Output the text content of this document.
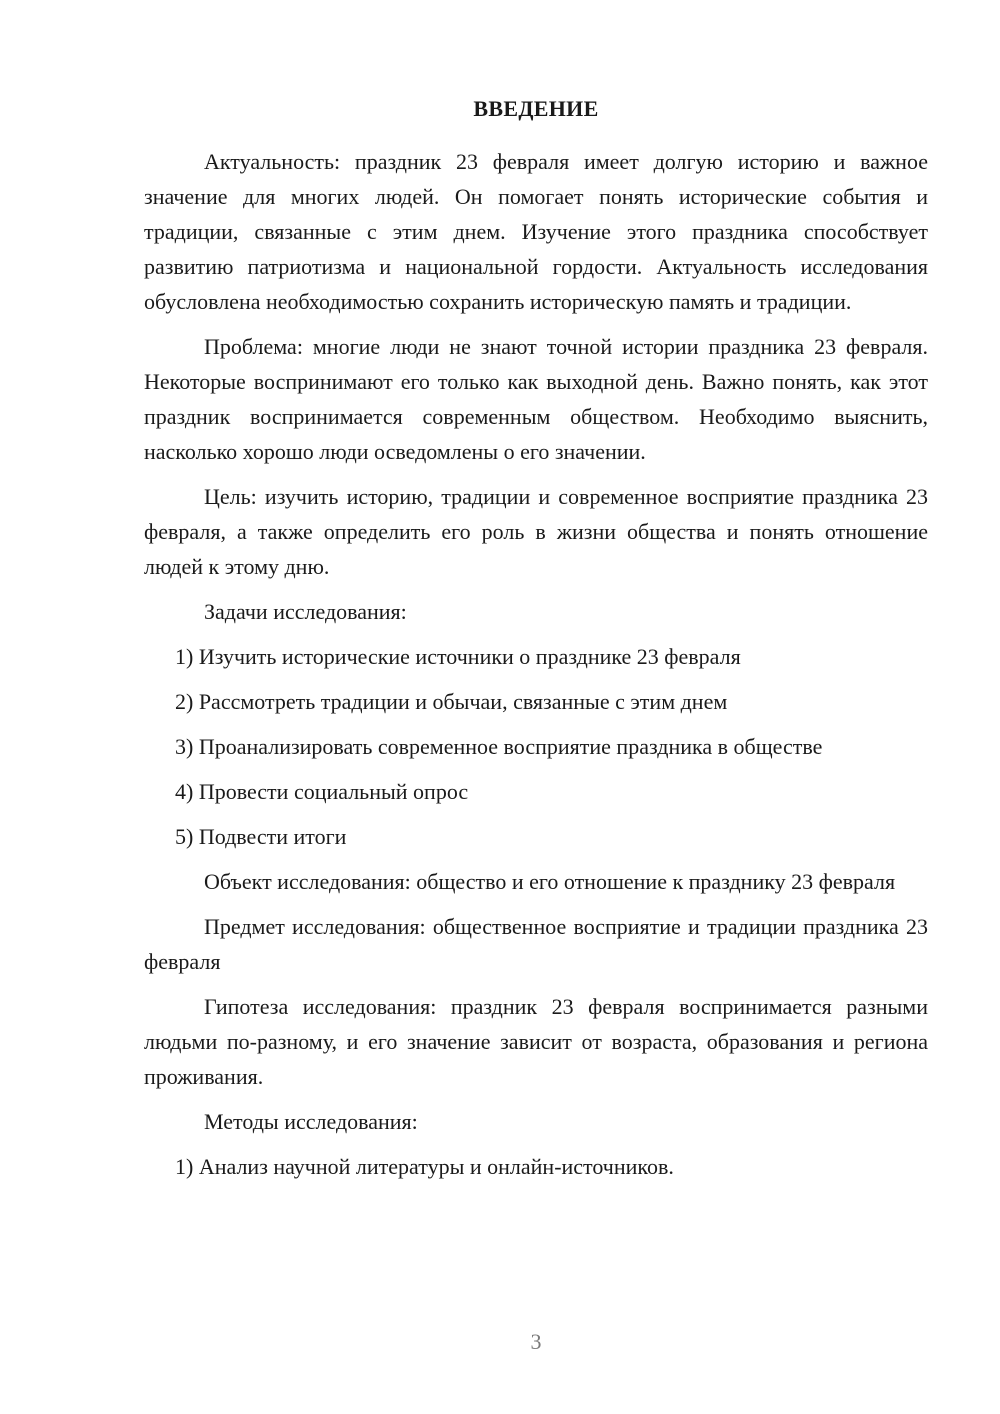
ВВЕДЕНИЕ

Актуальность: праздник 23 февраля имеет долгую историю и важное значение для многих людей. Он помогает понять исторические события и традиции, связанные с этим днем. Изучение этого праздника способствует развитию патриотизма и национальной гордости. Актуальность исследования обусловлена необходимостью сохранить историческую память и традиции.

Проблема: многие люди не знают точной истории праздника 23 февраля. Некоторые воспринимают его только как выходной день. Важно понять, как этот праздник воспринимается современным обществом. Необходимо выяснить, насколько хорошо люди осведомлены о его значении.

Цель: изучить историю, традиции и современное восприятие праздника 23 февраля, а также определить его роль в жизни общества и понять отношение людей к этому дню.

Задачи исследования:

1) Изучить исторические источники о празднике 23 февраля

2) Рассмотреть традиции и обычаи, связанные с этим днем

3) Проанализировать современное восприятие праздника в обществе

4) Провести социальный опрос

5) Подвести итоги

Объект исследования: общество и его отношение к празднику 23 февраля

Предмет исследования: общественное восприятие и традиции праздника 23 февраля

Гипотеза исследования: праздник 23 февраля воспринимается разными людьми по-разному, и его значение зависит от возраста, образования и региона проживания.

Методы исследования:

1) Анализ научной литературы и онлайн-источников.

3
